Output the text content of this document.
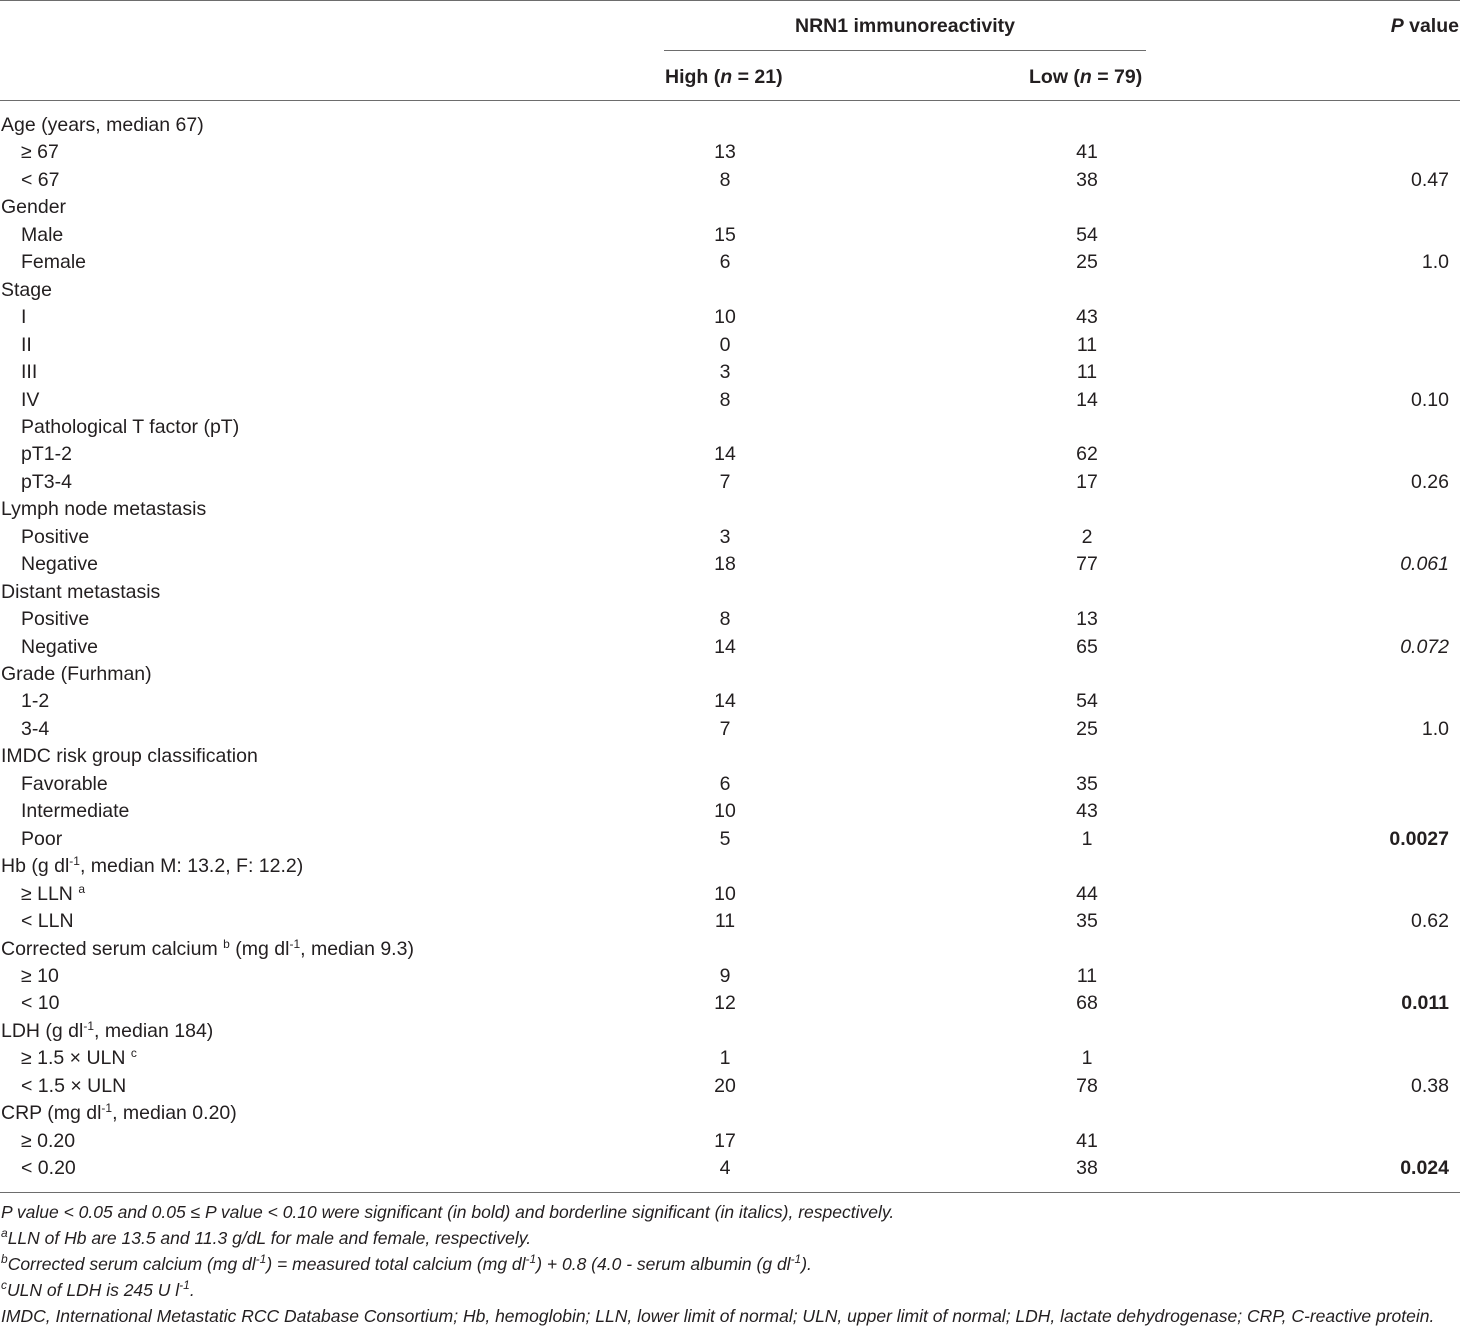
NRN1 immunoreactivity	P value
High (n = 21)	Low (n = 79)
Age (years, median 67)
≥ 67	13	41
< 67	8	38	0.47
Gender
Male	15	54
Female	6	25	1.0
Stage
I	10	43
II	0	11
III	3	11
IV	8	14	0.10
Pathological T factor (pT)
pT1-2	14	62
pT3-4	7	17	0.26
Lymph node metastasis
Positive	3	2
Negative	18	77	0.061
Distant metastasis
Positive	8	13
Negative	14	65	0.072
Grade (Furhman)
1-2	14	54
3-4	7	25	1.0
IMDC risk group classification
Favorable	6	35
Intermediate	10	43
Poor	5	1	0.0027
Hb (g $dl^{-1}$, median M: 13.2, F: 12.2)
≥ LLN $^a$	10	44
< LLN	11	35	0.62
Corrected serum calcium $^b$ (mg $dl^{-1}$, median 9.3)
≥ 10	9	11
< 10	12	68	0.011
LDH (g $dl^{-1}$, median 184)
≥ 1.5 × ULN $^c$	1	1
< 1.5 × ULN	20	78	0.38
CRP (mg $dl^{-1}$, median 0.20)
≥ 0.20	17	41
< 0.20	4	38	0.024
P value < 0.05 and 0.05 ≤ P value < 0.10 were significant (in bold) and borderline significant (in italics), respectively.
$^a$LLN of Hb are 13.5 and 11.3 g/dL for male and female, respectively.
$^b$Corrected serum calcium (mg $dl^{-1}$) = measured total calcium (mg $dl^{-1}) + 0.8$ (4.0 - serum albumin (g $dl^{-1}$).
$^c$ULN of LDH is 245 U $l^{-1}$.
IMDC, International Metastatic RCC Database Consortium; Hb, hemoglobin; LLN, lower limit of normal; ULN, upper limit of normal; LDH, lactate dehydrogenase; CRP, C-reactive protein.
